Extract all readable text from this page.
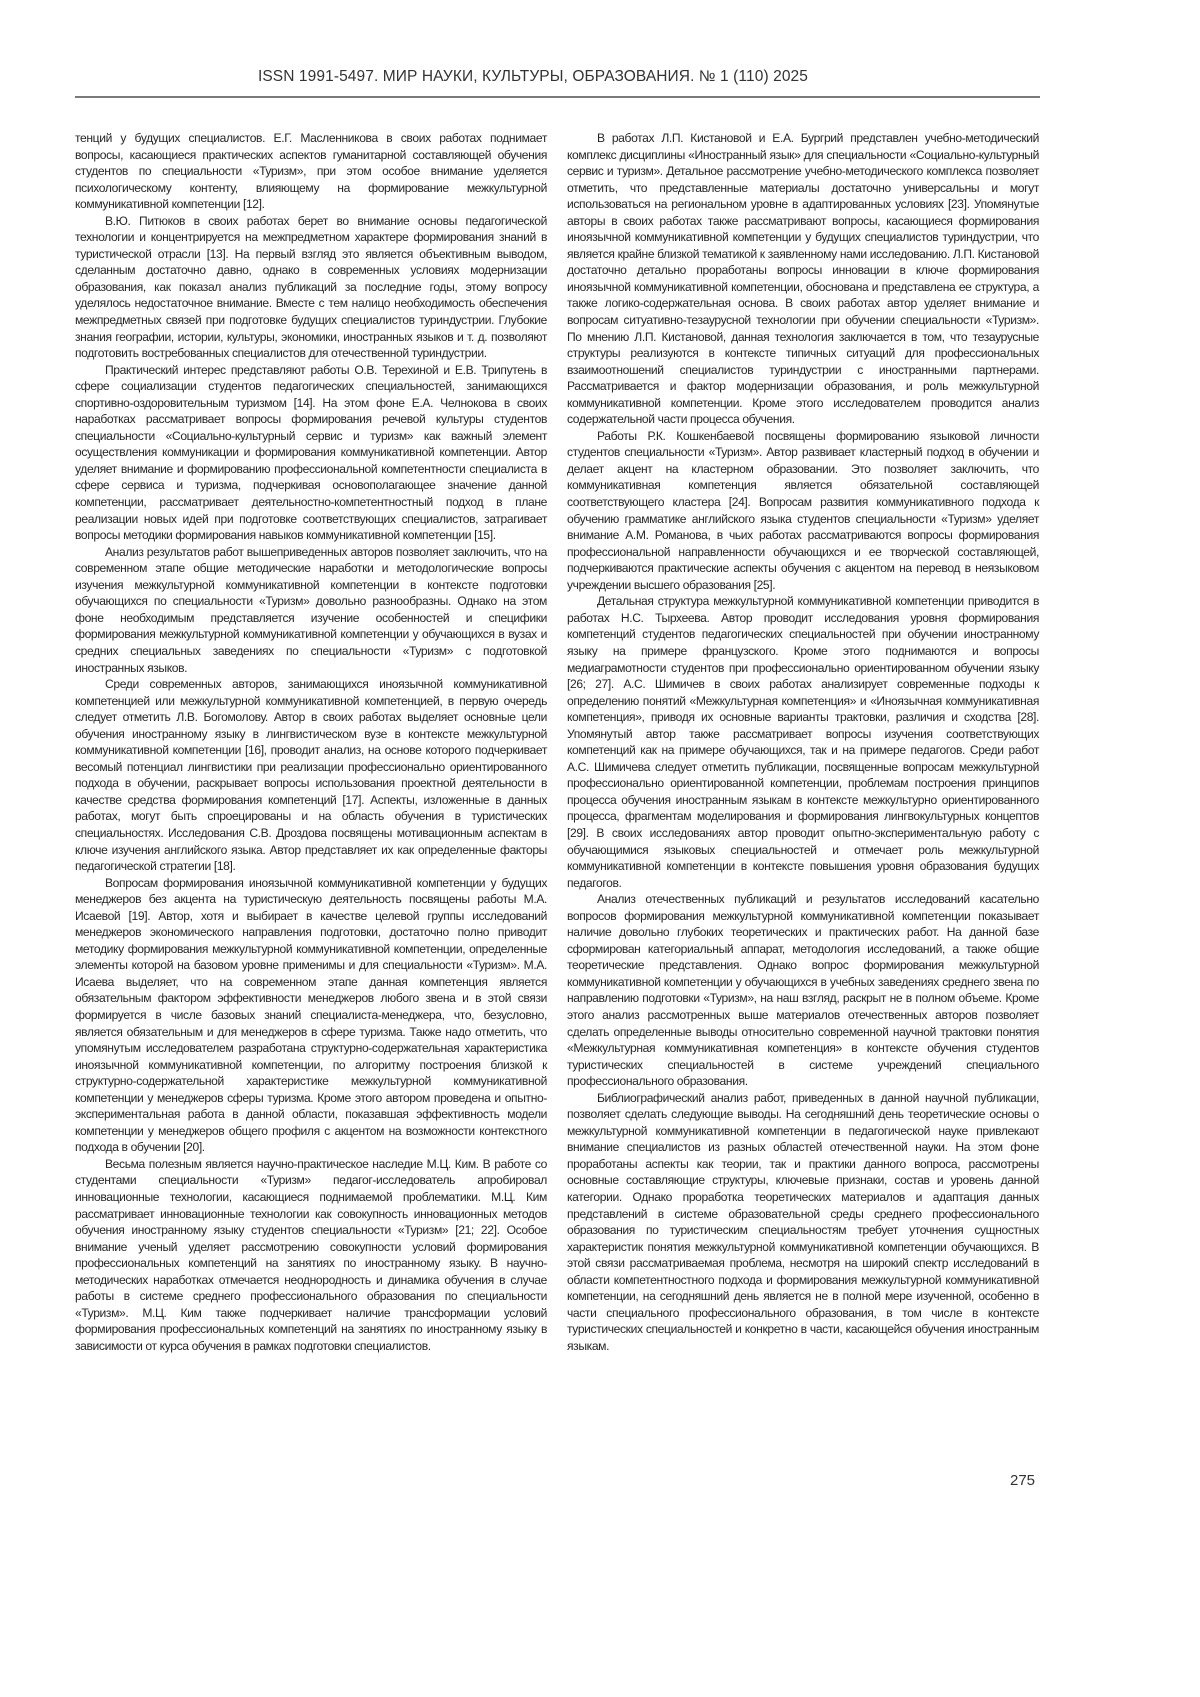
ISSN 1991-5497. МИР НАУКИ, КУЛЬТУРЫ, ОБРАЗОВАНИЯ. № 1 (110) 2025

тенций у будущих специалистов. Е.Г. Масленникова в своих работах поднимает вопросы, касающиеся практических аспектов гуманитарной составляющей обучения студентов по специальности «Туризм», при этом особое внимание уделяется психологическому контенту, влияющему на формирование межкультурной коммуникативной компетенции [12].

В.Ю. Питюков в своих работах берет во внимание основы педагогической технологии и концентрируется на межпредметном характере формирования знаний в туристической отрасли [13]. На первый взгляд это является объективным выводом, сделанным достаточно давно, однако в современных условиях модернизации образования, как показал анализ публикаций за последние годы, этому вопросу уделялось недостаточное внимание. Вместе с тем налицо необходимость обеспечения межпредметных связей при подготовке будущих специалистов туриндустрии. Глубокие знания географии, истории, культуры, экономики, иностранных языков и т. д. позволяют подготовить востребованных специалистов для отечественной туриндустрии.

Практический интерес представляют работы О.В. Терехиной и Е.В. Трипутень в сфере социализации студентов педагогических специальностей, занимающихся спортивно-оздоровительным туризмом [14]. На этом фоне Е.А. Челнокова в своих наработках рассматривает вопросы формирования речевой культуры студентов специальности «Социально-культурный сервис и туризм» как важный элемент осуществления коммуникации и формирования коммуникативной компетенции. Автор уделяет внимание и формированию профессиональной компетентности специалиста в сфере сервиса и туризма, подчеркивая основополагающее значение данной компетенции, рассматривает деятельностно-компетентностный подход в плане реализации новых идей при подготовке соответствующих специалистов, затрагивает вопросы методики формирования навыков коммуникативной компетенции [15].

Анализ результатов работ вышеприведенных авторов позволяет заключить, что на современном этапе общие методические наработки и методологические вопросы изучения межкультурной коммуникативной компетенции в контексте подготовки обучающихся по специальности «Туризм» довольно разнообразны. Однако на этом фоне необходимым представляется изучение особенностей и специфики формирования межкультурной коммуникативной компетенции у обучающихся в вузах и средних специальных заведениях по специальности «Туризм» с подготовкой иностранных языков.

Среди современных авторов, занимающихся иноязычной коммуникативной компетенцией или межкультурной коммуникативной компетенцией, в первую очередь следует отметить Л.В. Богомолову. Автор в своих работах выделяет основные цели обучения иностранному языку в лингвистическом вузе в контексте межкультурной коммуникативной компетенции [16], проводит анализ, на основе которого подчеркивает весомый потенциал лингвистики при реализации профессионально ориентированного подхода в обучении, раскрывает вопросы использования проектной деятельности в качестве средства формирования компетенций [17]. Аспекты, изложенные в данных работах, могут быть спроецированы и на область обучения в туристических специальностях. Исследования С.В. Дроздова посвящены мотивационным аспектам в ключе изучения английского языка. Автор представляет их как определенные факторы педагогической стратегии [18].

Вопросам формирования иноязычной коммуникативной компетенции у будущих менеджеров без акцента на туристическую деятельность посвящены работы М.А. Исаевой [19]. Автор, хотя и выбирает в качестве целевой группы исследований менеджеров экономического направления подготовки, достаточно полно приводит методику формирования межкультурной коммуникативной компетенции, определенные элементы которой на базовом уровне применимы и для специальности «Туризм». М.А. Исаева выделяет, что на современном этапе данная компетенция является обязательным фактором эффективности менеджеров любого звена и в этой связи формируется в числе базовых знаний специалиста-менеджера, что, безусловно, является обязательным и для менеджеров в сфере туризма. Также надо отметить, что упомянутым исследователем разработана структурно-содержательная характеристика иноязычной коммуникативной компетенции, по алгоритму построения близкой к структурно-содержательной характеристике межкультурной коммуникативной компетенции у менеджеров сферы туризма. Кроме этого автором проведена и опытно-экспериментальная работа в данной области, показавшая эффективность модели компетенции у менеджеров общего профиля с акцентом на возможности контекстного подхода в обучении [20].

Весьма полезным является научно-практическое наследие М.Ц. Ким. В работе со студентами специальности «Туризм» педагог-исследователь апробировал инновационные технологии, касающиеся поднимаемой проблематики. М.Ц. Ким рассматривает инновационные технологии как совокупность инновационных методов обучения иностранному языку студентов специальности «Туризм» [21; 22]. Особое внимание ученый уделяет рассмотрению совокупности условий формирования профессиональных компетенций на занятиях по иностранному языку. В научно-методических наработках отмечается неоднородность и динамика обучения в случае работы в системе среднего профессионального образования по специальности «Туризм». М.Ц. Ким также подчеркивает наличие трансформации условий формирования профессиональных компетенций на занятиях по иностранному языку в зависимости от курса обучения в рамках подготовки специалистов.

В работах Л.П. Кистановой и Е.А. Бургрий представлен учебно-методический комплекс дисциплины «Иностранный язык» для специальности «Социально-культурный сервис и туризм». Детальное рассмотрение учебно-методического комплекса позволяет отметить, что представленные материалы достаточно универсальны и могут использоваться на региональном уровне в адаптированных условиях [23]. Упомянутые авторы в своих работах также рассматривают вопросы, касающиеся формирования иноязычной коммуникативной компетенции у будущих специалистов туриндустрии, что является крайне близкой тематикой к заявленному нами исследованию. Л.П. Кистановой достаточно детально проработаны вопросы инновации в ключе формирования иноязычной коммуникативной компетенции, обоснована и представлена ее структура, а также логико-содержательная основа. В своих работах автор уделяет внимание и вопросам ситуативно-тезаурусной технологии при обучении специальности «Туризм». По мнению Л.П. Кистановой, данная технология заключается в том, что тезаурусные структуры реализуются в контексте типичных ситуаций для профессиональных взаимоотношений специалистов туриндустрии с иностранными партнерами. Рассматривается и фактор модернизации образования, и роль межкультурной коммуникативной компетенции. Кроме этого исследователем проводится анализ содержательной части процесса обучения.

Работы Р.К. Кошкенбаевой посвящены формированию языковой личности студентов специальности «Туризм». Автор развивает кластерный подход в обучении и делает акцент на кластерном образовании. Это позволяет заключить, что коммуникативная компетенция является обязательной составляющей соответствующего кластера [24]. Вопросам развития коммуникативного подхода к обучению грамматике английского языка студентов специальности «Туризм» уделяет внимание А.М. Романова, в чьих работах рассматриваются вопросы формирования профессиональной направленности обучающихся и ее творческой составляющей, подчеркиваются практические аспекты обучения с акцентом на перевод в неязыковом учреждении высшего образования [25].

Детальная структура межкультурной коммуникативной компетенции приводится в работах Н.С. Тырхеева. Автор проводит исследования уровня формирования компетенций студентов педагогических специальностей при обучении иностранному языку на примере французского. Кроме этого поднимаются и вопросы медиаграмотности студентов при профессионально ориентированном обучении языку [26; 27]. А.С. Шимичев в своих работах анализирует современные подходы к определению понятий «Межкультурная компетенция» и «Иноязычная коммуникативная компетенция», приводя их основные варианты трактовки, различия и сходства [28]. Упомянутый автор также рассматривает вопросы изучения соответствующих компетенций как на примере обучающихся, так и на примере педагогов. Среди работ А.С. Шимичева следует отметить публикации, посвященные вопросам межкультурной профессионально ориентированной компетенции, проблемам построения принципов процесса обучения иностранным языкам в контексте межкультурно ориентированного процесса, фрагментам моделирования и формирования лингвокультурных концептов [29]. В своих исследованиях автор проводит опытно-экспериментальную работу с обучающимися языковых специальностей и отмечает роль межкультурной коммуникативной компетенции в контексте повышения уровня образования будущих педагогов.

Анализ отечественных публикаций и результатов исследований касательно вопросов формирования межкультурной коммуникативной компетенции показывает наличие довольно глубоких теоретических и практических работ. На данной базе сформирован категориальный аппарат, методология исследований, а также общие теоретические представления. Однако вопрос формирования межкультурной коммуникативной компетенции у обучающихся в учебных заведениях среднего звена по направлению подготовки «Туризм», на наш взгляд, раскрыт не в полном объеме. Кроме этого анализ рассмотренных выше материалов отечественных авторов позволяет сделать определенные выводы относительно современной научной трактовки понятия «Межкультурная коммуникативная компетенция» в контексте обучения студентов туристических специальностей в системе учреждений специального профессионального образования.

Библиографический анализ работ, приведенных в данной научной публикации, позволяет сделать следующие выводы. На сегодняшний день теоретические основы о межкультурной коммуникативной компетенции в педагогической науке привлекают внимание специалистов из разных областей отечественной науки. На этом фоне проработаны аспекты как теории, так и практики данного вопроса, рассмотрены основные составляющие структуры, ключевые признаки, состав и уровень данной категории. Однако проработка теоретических материалов и адаптация данных представлений в системе образовательной среды среднего профессионального образования по туристическим специальностям требует уточнения сущностных характеристик понятия межкультурной коммуникативной компетенции обучающихся. В этой связи рассматриваемая проблема, несмотря на широкий спектр исследований в области компетентностного подхода и формирования межкультурной коммуникативной компетенции, на сегодняшний день является не в полной мере изученной, особенно в части специального профессионального образования, в том числе в контексте туристических специальностей и конкретно в части, касающейся обучения иностранным языкам.

275
